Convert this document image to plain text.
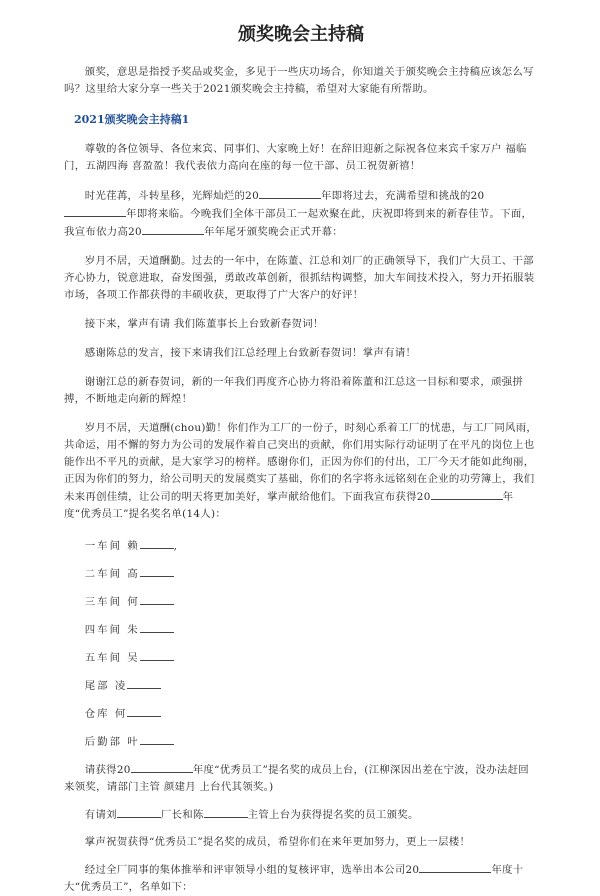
颁奖晚会主持稿

颁奖，意思是指授予奖品或奖金，多见于一些庆功场合，你知道关于颁奖晚会主持稿应该怎么写吗？这里给大家分享一些关于2021颁奖晚会主持稿，希望对大家能有所帮助。

2021颁奖晚会主持稿1

尊敬的各位领导、各位来宾、同事们、大家晚上好！在辞旧迎新之际祝各位来宾千家万户 福临门，五湖四海 喜盈盈！我代表依力高向在座的每一位干部、员工祝贺新禧！

时光荏苒，斗转星移，光辉灿烂的20	年即将过去，充满希望和挑战的20年即将来临。今晚我们全体干部员工一起欢聚在此，庆祝即将到来的新春佳节。下面，我宣布依力高20	年年尾牙颁奖晚会正式开幕：

岁月不居，天道酬勤。过去的一年中，在陈董、江总和刘厂的正确领导下，我们广大员工、干部齐心协力，锐意进取，奋发图强，勇敢改革创新，很抓结构调整，加大车间技术投入，努力开拓服装市场，各项工作都获得的丰硕收获，更取得了广大客户的好评！

接下来，掌声有请 我们陈董事长上台致新春贺词！

感谢陈总的发言，接下来请我们江总经理上台致新春贺词！掌声有请！

谢谢江总的新春贺词，新的一年我们再度齐心协力将沿着陈董和江总这一目标和要求，顽强拼搏，不断地走向新的辉煌！

岁月不居，天道酬(chou)勤！你们作为工厂的一份子，时刻心系着工厂的忧患，与工厂同风雨，共命运，用不懈的努力为公司的发展作着自己突出的贡献，你们用实际行动证明了在平凡的岗位上也能作出不平凡的贡献，是大家学习的榜样。感谢你们，正因为你们的付出，工厂今天才能如此绚丽，正因为你们的努力，给公司明天的发展奠实了基础，你们的名字将永远铭刻在企业的功劳簿上，我们未来再创佳绩，让公司的明天将更加美好，掌声献给他们。下面我宣布获得20	年度“优秀员工”提名奖名单(14人)：

一车间 赖	,

二车间 高

三车间 何

四车间 朱

五车间 吴

尾部 凌

仓库 何

后勤部 叶

请获得20	年度“优秀员工”提名奖的成员上台，(江柳深因出差在宁波，没办法赶回来领奖，请部门主管 颜建月 上台代其领奖。)

有请刘	厂长和陈	主管上台为获得提名奖的员工颁奖。

掌声祝贺获得“优秀员工”提名奖的成员，希望你们在来年更加努力，更上一层楼！

经过全厂同事的集体推举和评审领导小组的复核评审，选举出本公司20	年度十大“优秀员工”，名单如下：
